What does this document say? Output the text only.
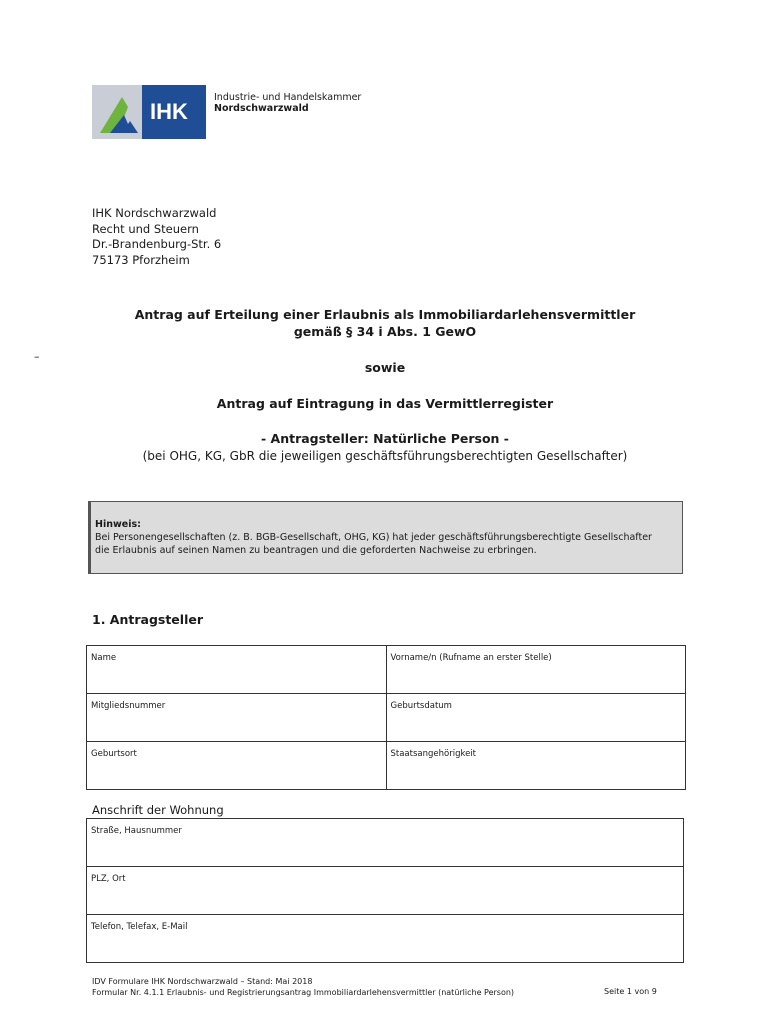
IHK
Industrie- und Handelskammer
Nordschwarzwald
IHK Nordschwarzwald
Recht und Steuern
Dr.-Brandenburg-Str. 6
75173 Pforzheim
–
Antrag auf Erteilung einer Erlaubnis als Immobiliardarlehensvermittler
gemäß § 34 i Abs. 1 GewO
sowie
Antrag auf Eintragung in das Vermittlerregister
- Antragsteller: Natürliche Person -
(bei OHG, KG, GbR die jeweiligen geschäftsführungsberechtigten Gesellschafter)
Hinweis:
Bei Personengesellschaften (z. B. BGB-Gesellschaft, OHG, KG) hat jeder geschäftsführungsberechtigte Gesellschafter
die Erlaubnis auf seinen Namen zu beantragen und die geforderten Nachweise zu erbringen.
1. Antragsteller
Name	Vorname/n (Rufname an erster Stelle)
Mitgliedsnummer	Geburtsdatum
Geburtsort	Staatsangehörigkeit
Anschrift der Wohnung
Straße, Hausnummer
PLZ, Ort
Telefon, Telefax, E-Mail
IDV Formulare IHK Nordschwarzwald – Stand: Mai 2018
Formular Nr. 4.1.1 Erlaubnis- und Registrierungsantrag Immobiliardarlehensvermittler (natürliche Person)	Seite 1 von 9
